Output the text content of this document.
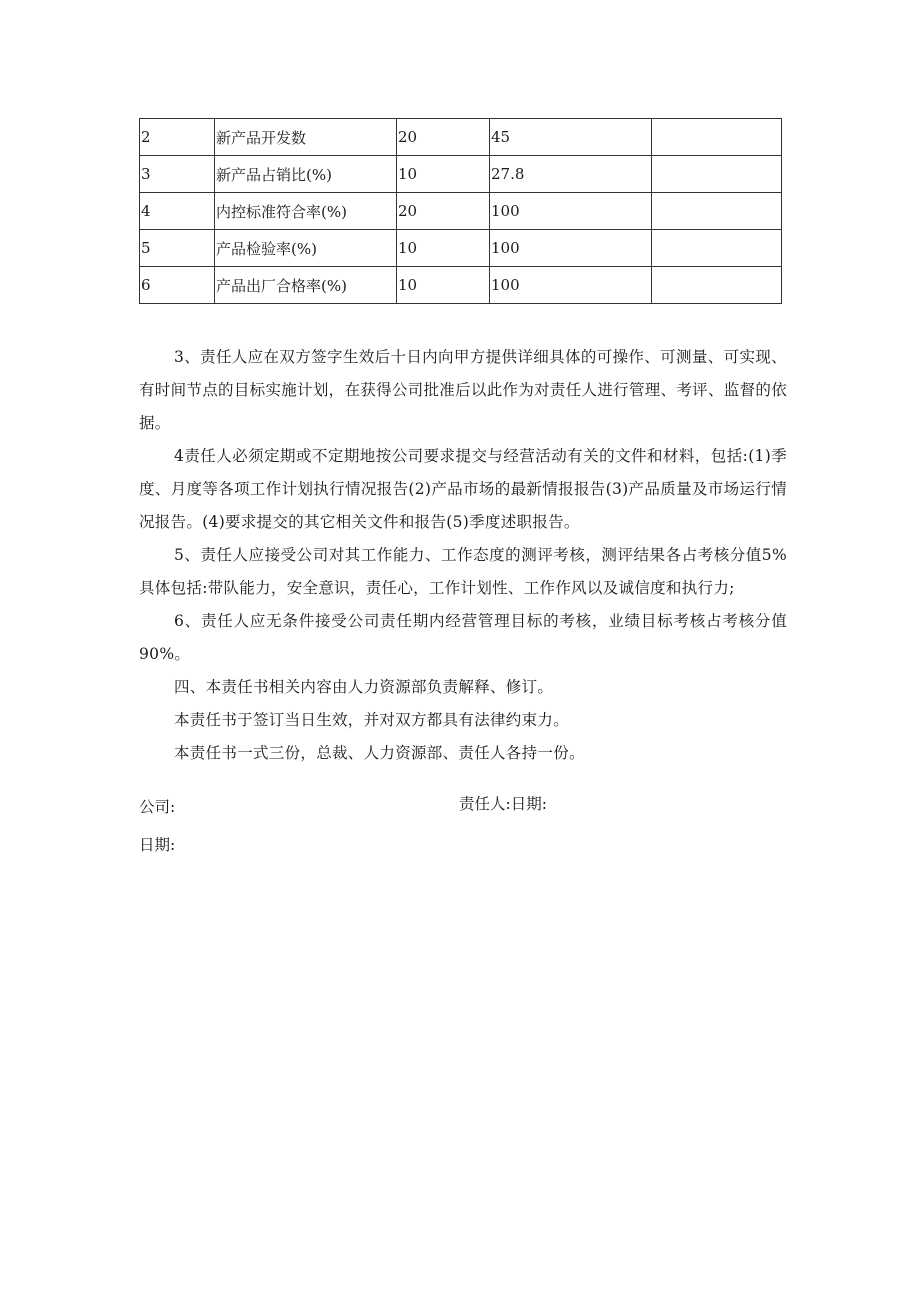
2	新产品开发数	20	45	
3	新产品占销比(%)	10	27.8	
4	内控标准符合率(%)	20	100	
5	产品检验率(%)	10	100	
6	产品出厂合格率(%)	10	100	

3、责任人应在双方签字生效后十日内向甲方提供详细具体的可操作、可测量、可实现、有时间节点的目标实施计划，在获得公司批准后以此作为对责任人进行管理、考评、监督的依据。

4责任人必须定期或不定期地按公司要求提交与经营活动有关的文件和材料，包括:(1)季度、月度等各项工作计划执行情况报告(2)产品市场的最新情报报告(3)产品质量及市场运行情况报告。(4)要求提交的其它相关文件和报告(5)季度述职报告。

5、责任人应接受公司对其工作能力、工作态度的测评考核，测评结果各占考核分值5%具体包括:带队能力，安全意识，责任心，工作计划性、工作作风以及诚信度和执行力;

6、责任人应无条件接受公司责任期内经营管理目标的考核，业绩目标考核占考核分值90%。

四、本责任书相关内容由人力资源部负责解释、修订。

本责任书于签订当日生效，并对双方都具有法律约束力。

本责任书一式三份，总裁、人力资源部、责任人各持一份。

公司:	责任人:日期:
日期:
